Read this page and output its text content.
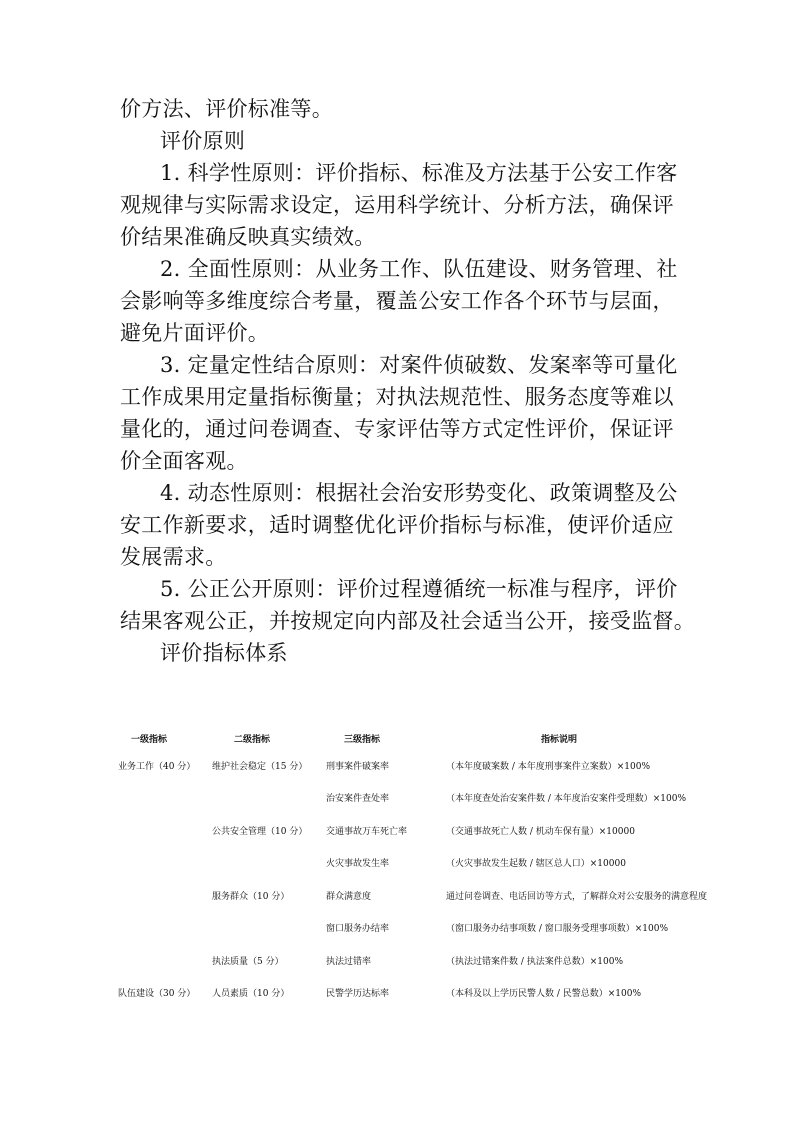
价方法、评价标准等。
评价原则
1. 科学性原则：评价指标、标准及方法基于公安工作客
观规律与实际需求设定，运用科学统计、分析方法，确保评
价结果准确反映真实绩效。
2. 全面性原则：从业务工作、队伍建设、财务管理、社
会影响等多维度综合考量，覆盖公安工作各个环节与层面，
避免片面评价。
3. 定量定性结合原则：对案件侦破数、发案率等可量化
工作成果用定量指标衡量；对执法规范性、服务态度等难以
量化的，通过问卷调查、专家评估等方式定性评价，保证评
价全面客观。
4. 动态性原则：根据社会治安形势变化、政策调整及公
安工作新要求，适时调整优化评价指标与标准，使评价适应
发展需求。
5. 公正公开原则：评价过程遵循统一标准与程序，评价
结果客观公正，并按规定向内部及社会适当公开，接受监督。
评价指标体系
一级指标	二级指标	三级指标	指标说明
业务工作（40 分）	维护社会稳定（15 分）	刑事案件破案率	（本年度破案数 / 本年度刑事案件立案数）×100%
		治安案件查处率	（本年度查处治安案件数 / 本年度治安案件受理数）×100%
	公共安全管理（10 分）	交通事故万车死亡率	（交通事故死亡人数 / 机动车保有量）×10000
		火灾事故发生率	（火灾事故发生起数 / 辖区总人口）×10000
	服务群众（10 分）	群众满意度	通过问卷调查、电话回访等方式，了解群众对公安服务的满意程度
		窗口服务办结率	（窗口服务办结事项数 / 窗口服务受理事项数）×100%
	执法质量（5 分）	执法过错率	（执法过错案件数 / 执法案件总数）×100%
队伍建设（30 分）	人员素质（10 分）	民警学历达标率	（本科及以上学历民警人数 / 民警总数）×100%
